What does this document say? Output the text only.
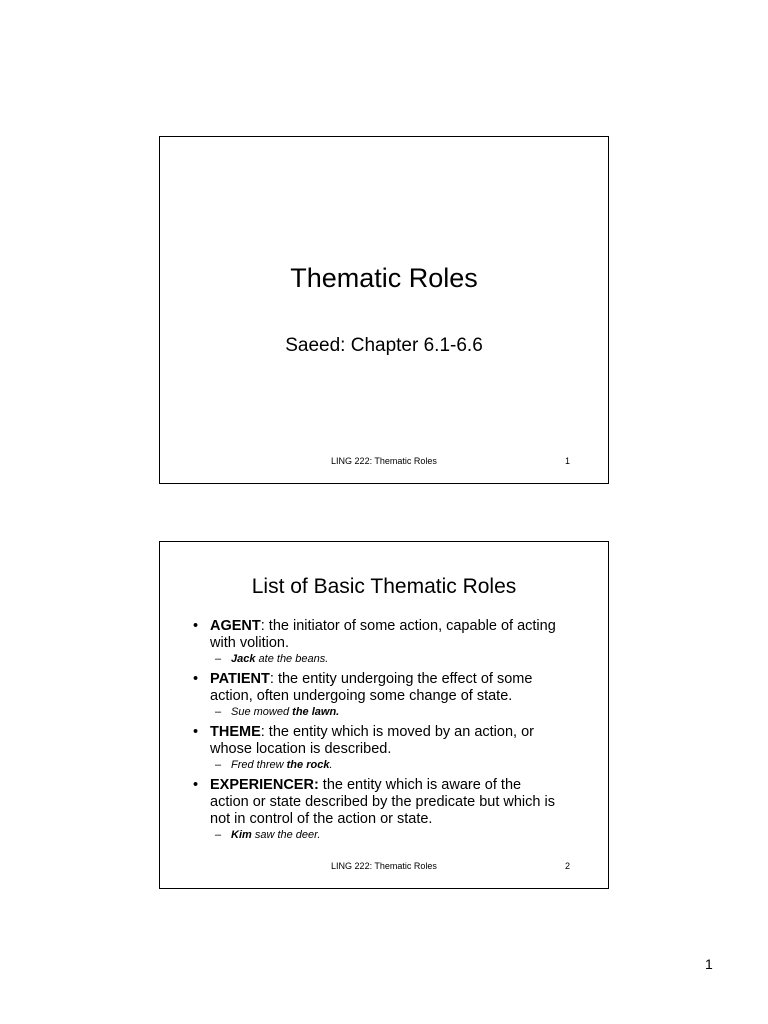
Thematic Roles
Saeed: Chapter 6.1-6.6
LING 222: Thematic Roles	1
List of Basic Thematic Roles
• AGENT: the initiator of some action, capable of acting with volition.
– Jack ate the beans.
• PATIENT: the entity undergoing the effect of some action, often undergoing some change of state.
– Sue mowed the lawn.
• THEME: the entity which is moved by an action, or whose location is described.
– Fred threw the rock.
• EXPERIENCER: the entity which is aware of the action or state described by the predicate but which is not in control of the action or state.
– Kim saw the deer.
LING 222: Thematic Roles	2
1
